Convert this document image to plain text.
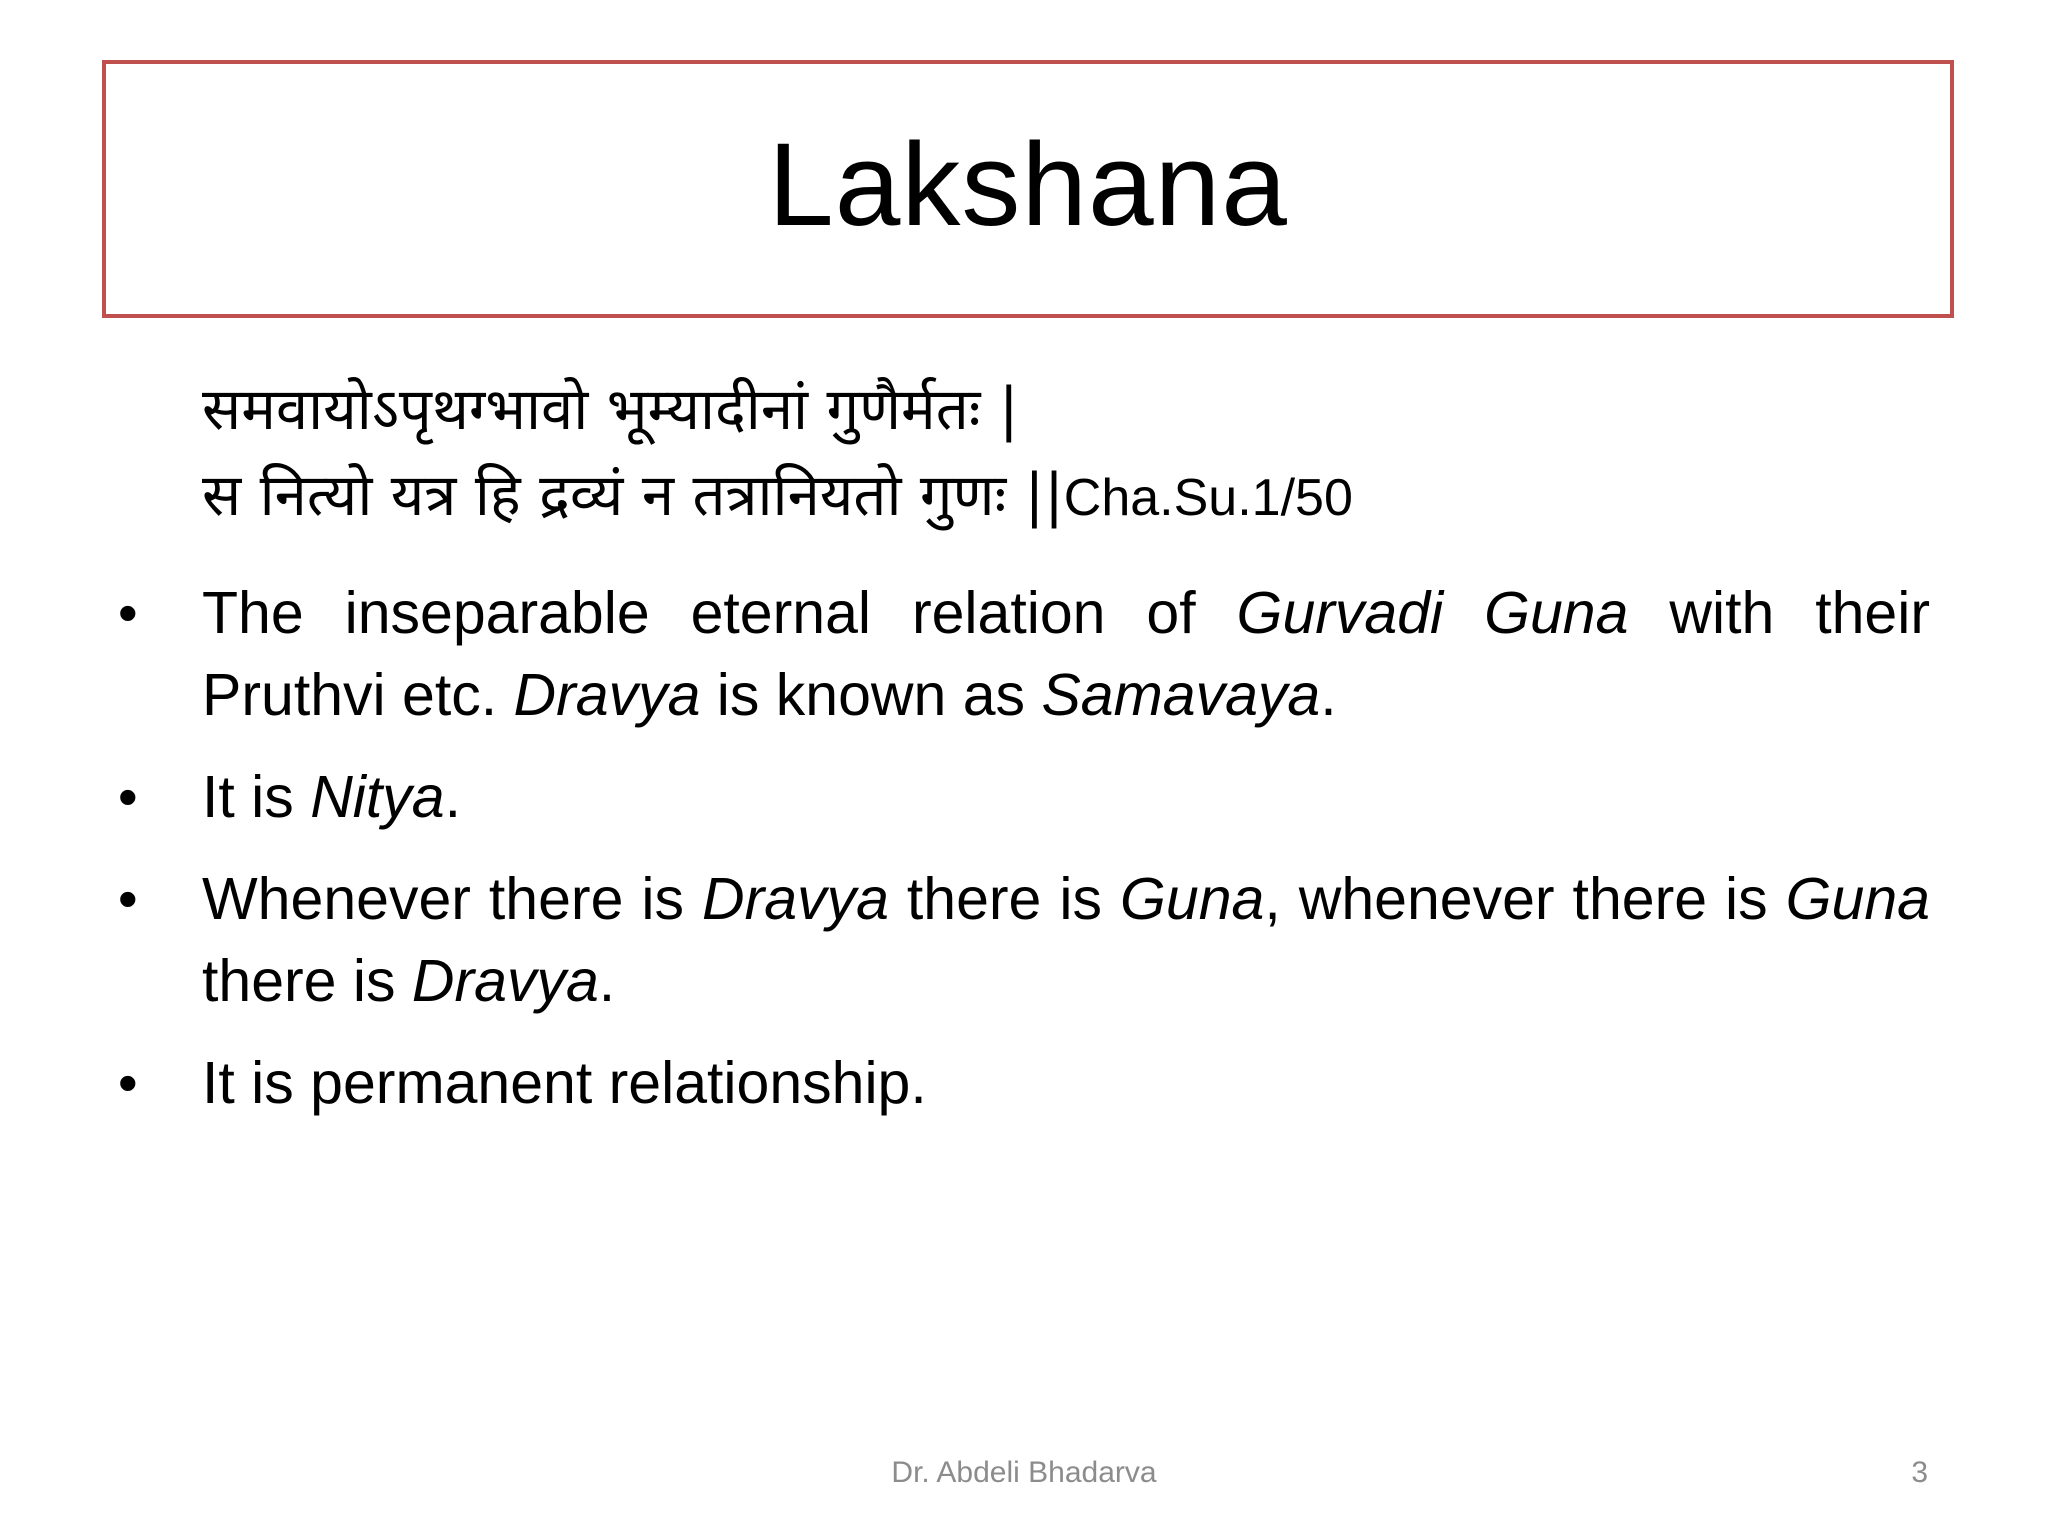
Lakshana
समवायोऽपृथग्भावो भूम्यादीनां गुणैर्मतः |
स नित्यो यत्र हि द्रव्यं न तत्रानियतो गुणः ||Cha.Su.1/50
• The inseparable eternal relation of Gurvadi Guna with their Pruthvi etc. Dravya is known as Samavaya.
• It is Nitya.
• Whenever there is Dravya there is Guna, whenever there is Guna there is Dravya.
• It is permanent relationship.
Dr. Abdeli Bhadarva	3
